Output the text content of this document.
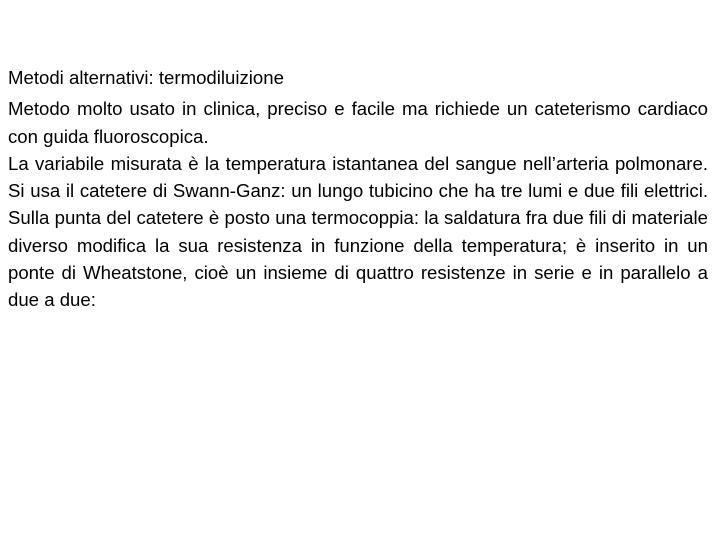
Metodi alternativi: termodiluizione

Metodo molto usato in clinica, preciso e facile ma richiede un cateterismo cardiaco con guida fluoroscopica.

La variabile misurata è la temperatura istantanea del sangue nell’arteria polmonare. Si usa il catetere di Swann-Ganz: un lungo tubicino che ha tre lumi e due fili elettrici. Sulla punta del catetere è posto una termocoppia: la saldatura fra due fili di materiale diverso modifica la sua resistenza in funzione della temperatura; è inserito in un ponte di Wheatstone, cioè un insieme di quattro resistenze in serie e in parallelo a due a due:
